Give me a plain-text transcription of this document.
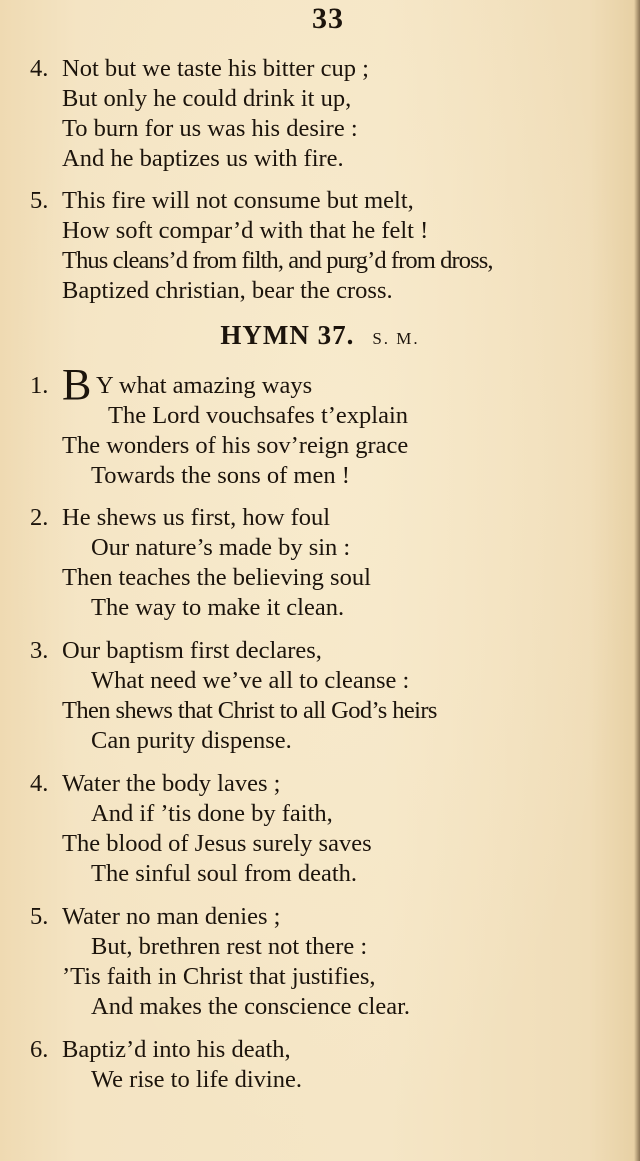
33
4. Not but we taste his bitter cup ;
But only he could drink it up,
To burn for us was his desire :
And he baptizes us with fire.
5. This fire will not consume but melt,
How soft compar’d with that he felt !
Thus cleans’d from filth, and purg’d from dross,
Baptized christian, bear the cross.
HYMN 37. S. M.
1. B Y what amazing ways
The Lord vouchsafes t’explain
The wonders of his sov’reign grace
Towards the sons of men !
2. He shews us first, how foul
Our nature’s made by sin :
Then teaches the believing soul
The way to make it clean.
3. Our baptism first declares,
What need we’ve all to cleanse :
Then shews that Christ to all God’s heirs
Can purity dispense.
4. Water the body laves ;
And if ’tis done by faith,
The blood of Jesus surely saves
The sinful soul from death.
5. Water no man denies ;
But, brethren rest not there :
’Tis faith in Christ that justifies,
And makes the conscience clear.
6. Baptiz’d into his death,
We rise to life divine.
